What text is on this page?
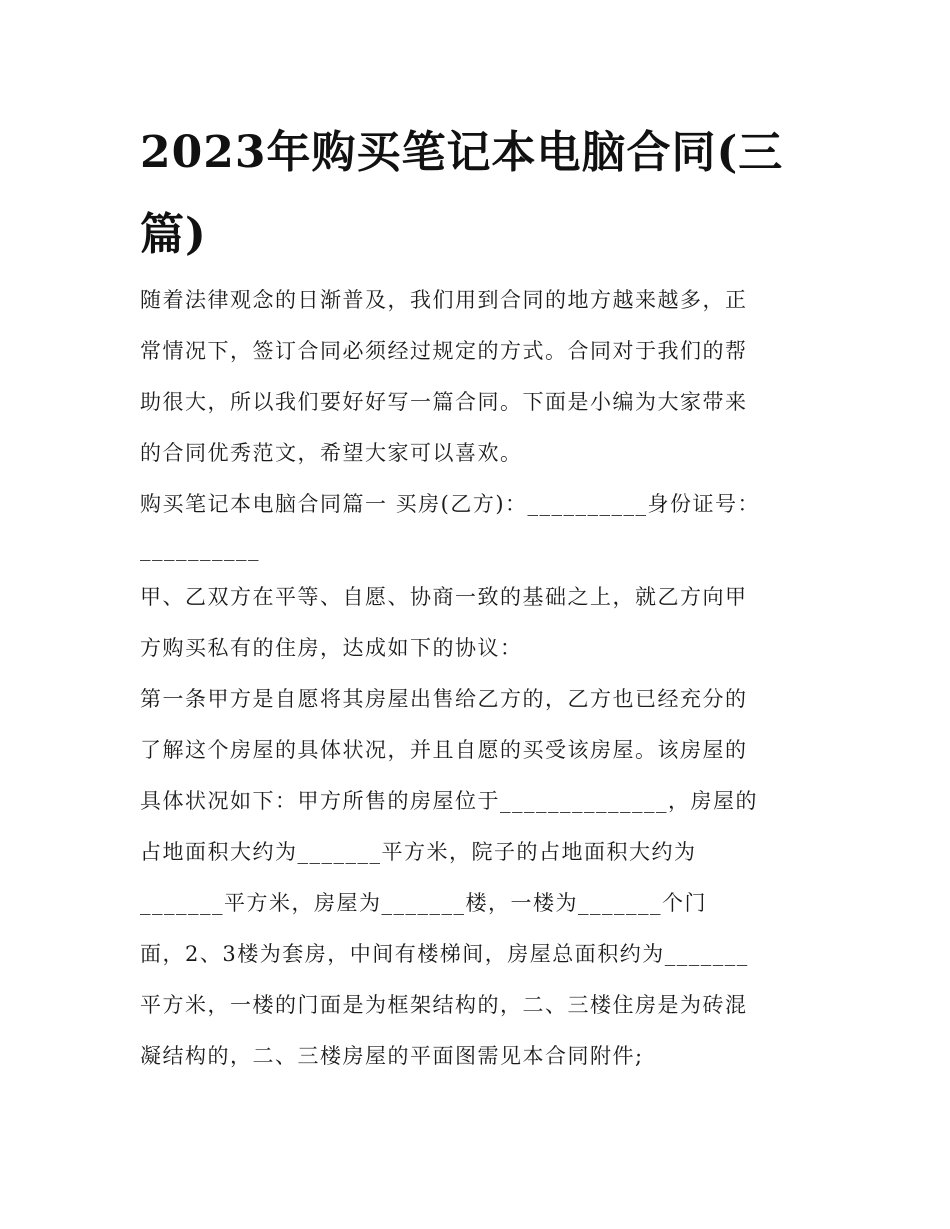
2023年购买笔记本电脑合同(三篇)

随着法律观念的日渐普及，我们用到合同的地方越来越多，正

常情况下，签订合同必须经过规定的方式。合同对于我们的帮

助很大，所以我们要好好写一篇合同。下面是小编为大家带来

的合同优秀范文，希望大家可以喜欢。

购买笔记本电脑合同篇一 买房(乙方)：__________身份证号：

__________

甲、乙双方在平等、自愿、协商一致的基础之上，就乙方向甲

方购买私有的住房，达成如下的协议：

第一条甲方是自愿将其房屋出售给乙方的，乙方也已经充分的

了解这个房屋的具体状况，并且自愿的买受该房屋。该房屋的

具体状况如下：甲方所售的房屋位于______________，房屋的

占地面积大约为_______平方米，院子的占地面积大约为

_______平方米，房屋为_______楼，一楼为_______个门

面，2、3楼为套房，中间有楼梯间，房屋总面积约为_______

平方米，一楼的门面是为框架结构的，二、三楼住房是为砖混

凝结构的，二、三楼房屋的平面图需见本合同附件;
